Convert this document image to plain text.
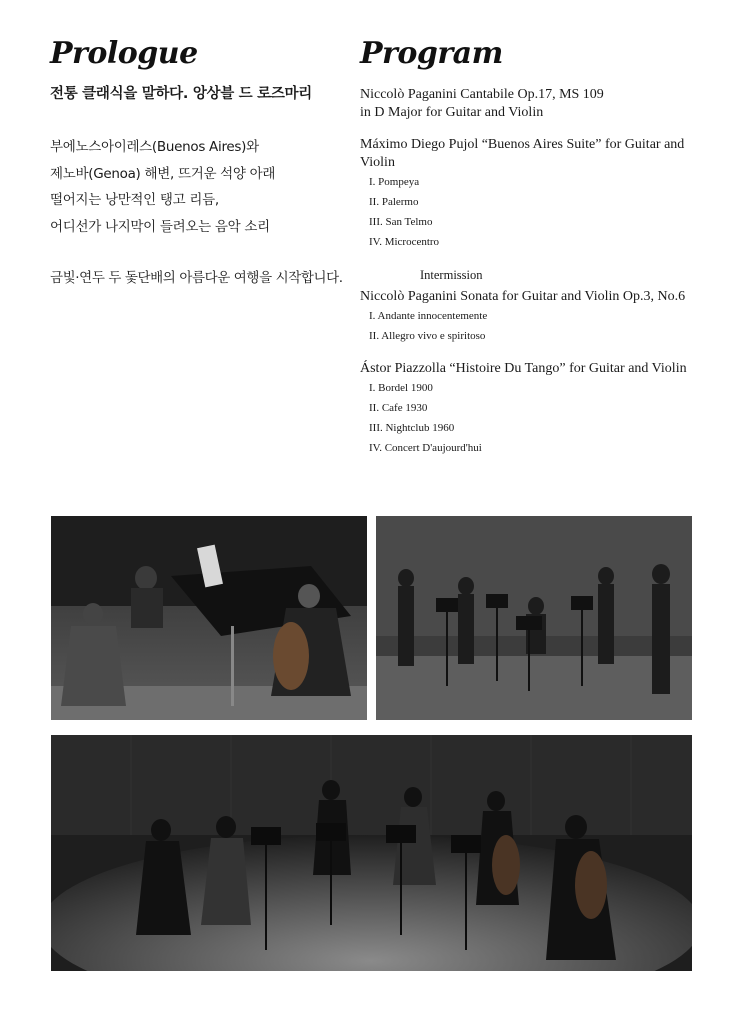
Prologue	Program

전통 클래식을 말하다. 앙상블 드 로즈마리

부에노스아이레스(Buenos Aires)와
제노바(Genoa) 해변, 뜨거운 석양 아래
떨어지는 낭만적인 탱고 리듬,
어디선가 나지막이 들려오는 음악 소리
금빛·연두 두 돛단배의 아름다운 여행을 시작합니다.
Niccolò Paganini Cantabile Op.17, MS 109
in D Major for Guitar and Violin
Máximo Diego Pujol “Buenos Aires Suite” for Guitar and Violin
I. Pompeya
II. Palermo
III. San Telmo
IV. Microcentro
Intermission
Niccolò Paganini Sonata for Guitar and Violin Op.3, No.6
I. Andante innocentemente
II. Allegro vivo e spiritoso
Ástor Piazzolla “Histoire Du Tango” for Guitar and Violin
I. Bordel 1900
II. Cafe 1930
III. Nightclub 1960
IV. Concert D'aujourd'hui
